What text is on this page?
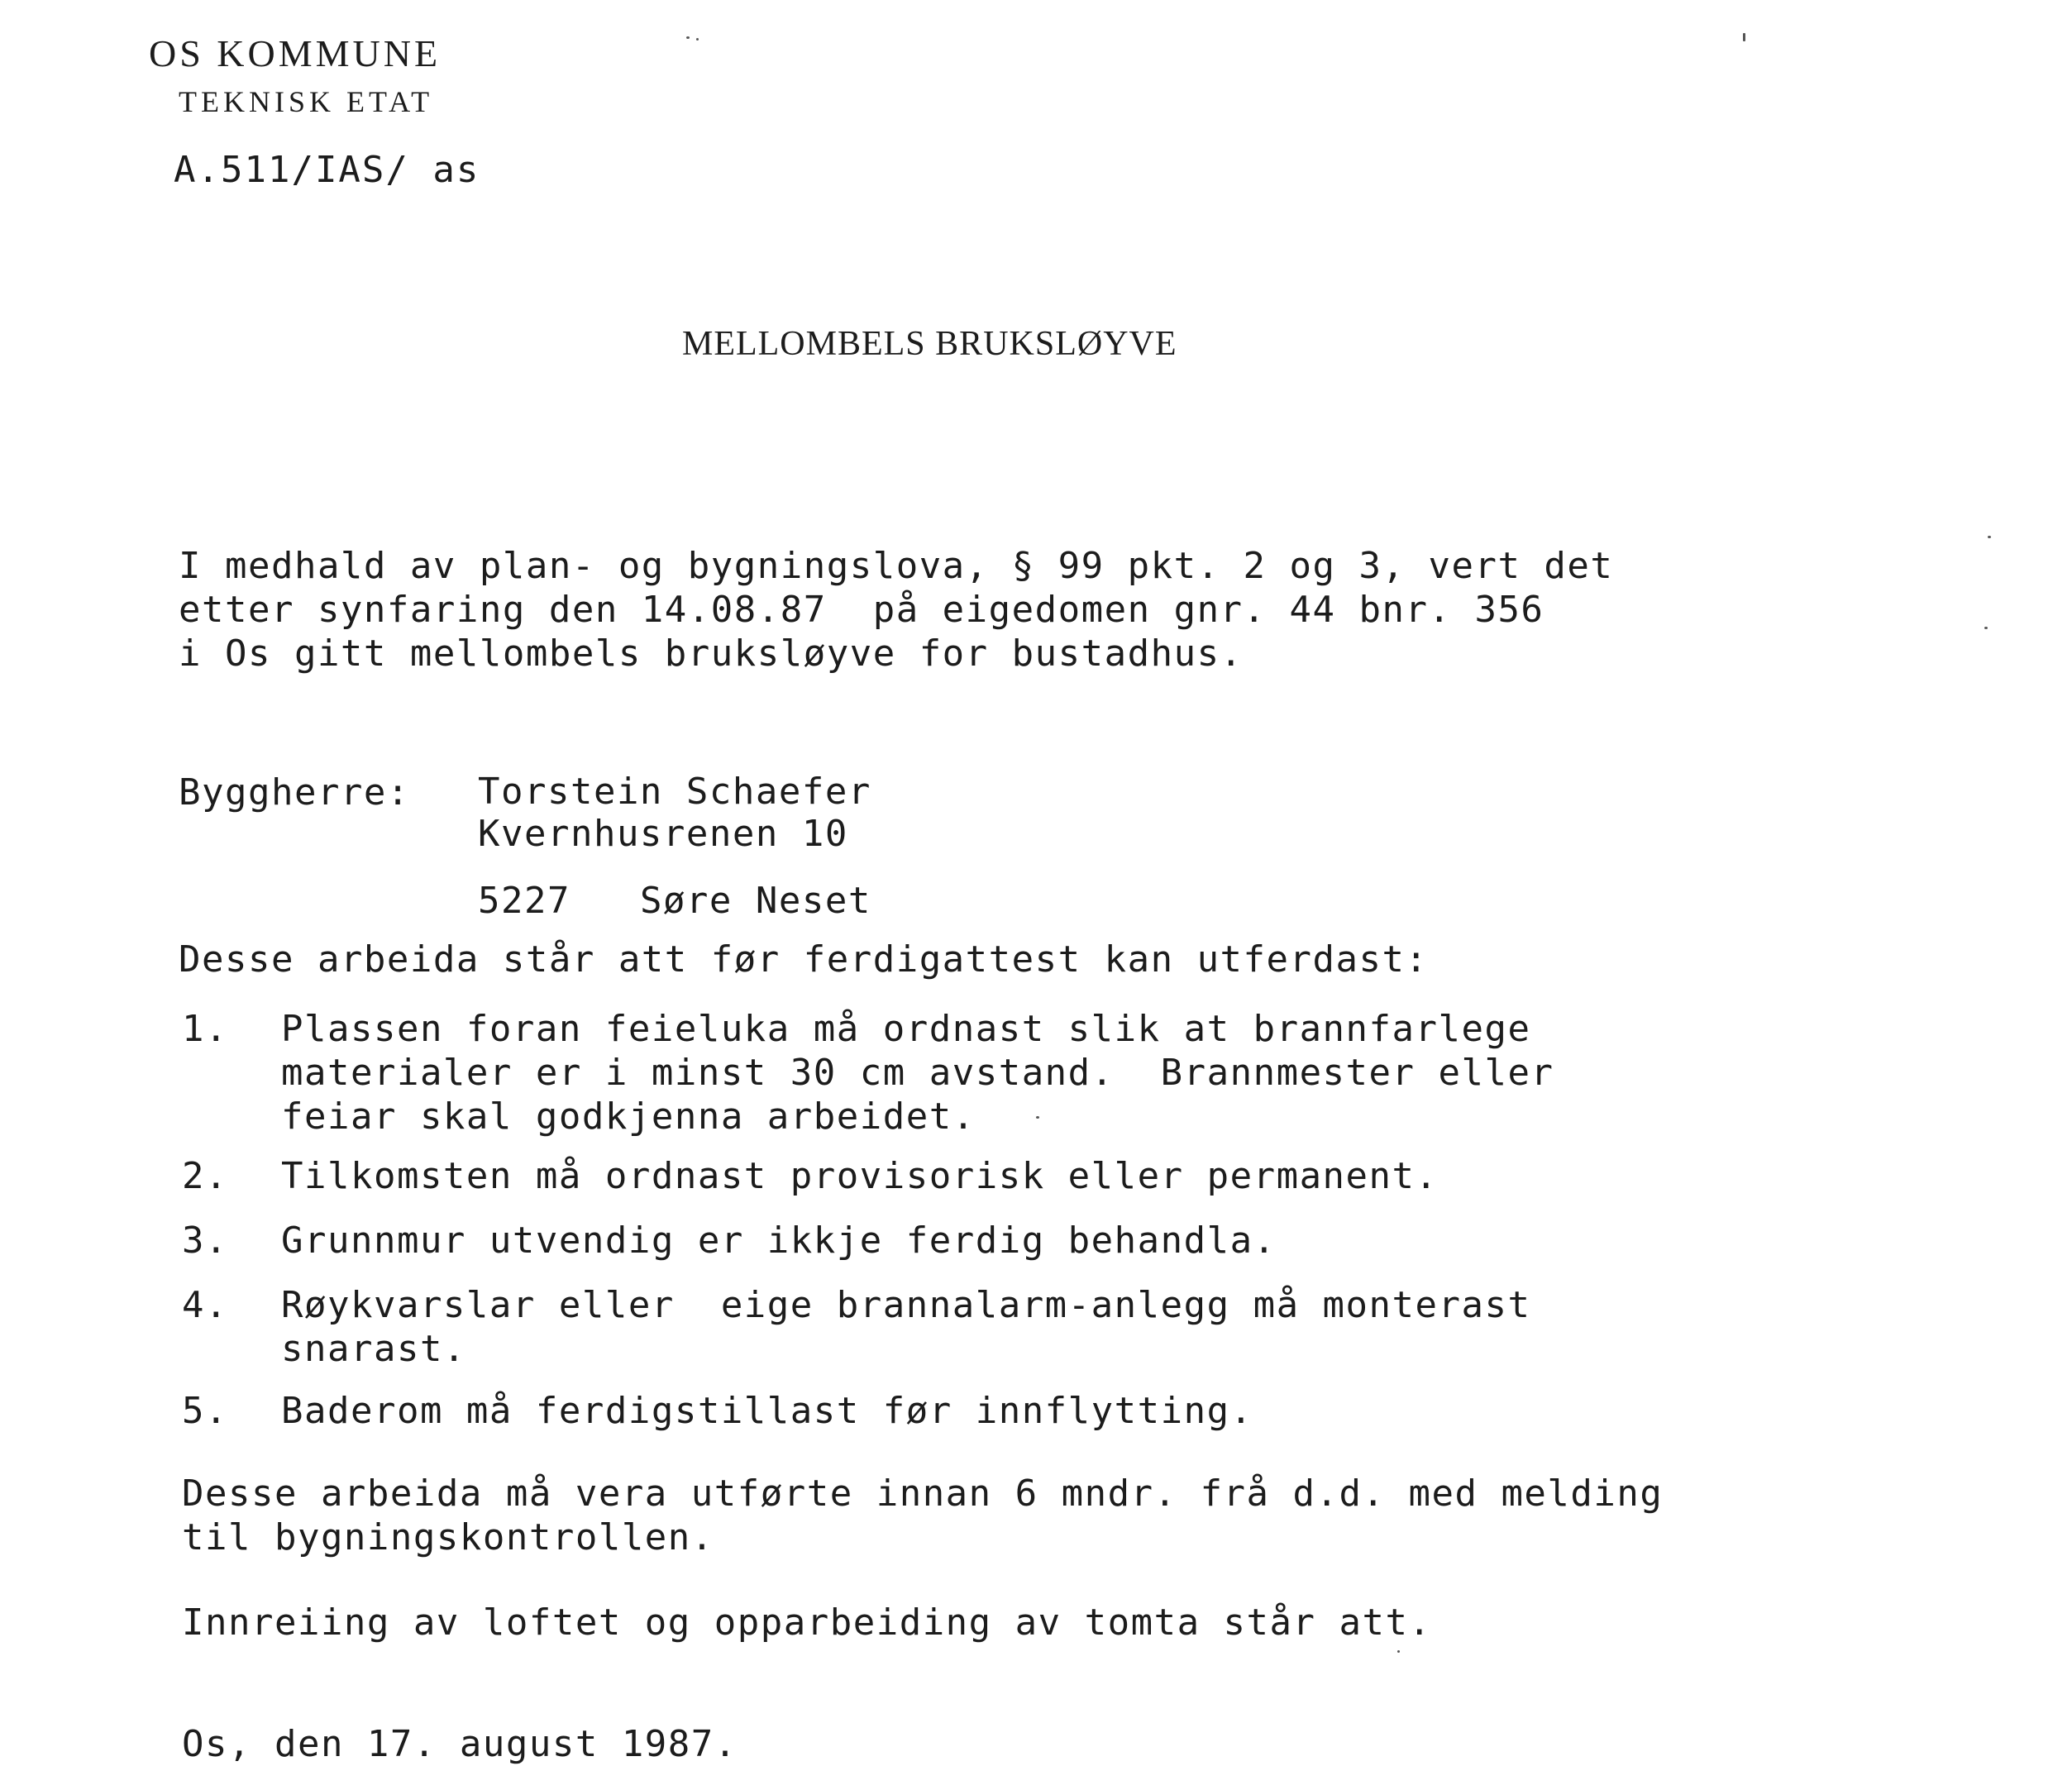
OS KOMMUNE
TEKNISK ETAT
A.511/IAS/ as
MELLOMBELS BRUKSLØYVE
I medhald av plan- og bygningslova, § 99 pkt. 2 og 3, vert det
etter synfaring den 14.08.87  på eigedomen gnr. 44 bnr. 356
i Os gitt mellombels bruksløyve for bustadhus.
Byggherre: Torstein Schaefer
Kvernhusrenen 10
5227 Søre Neset
Desse arbeida står att før ferdigattest kan utferdast:
1. Plassen foran feieluka må ordnast slik at brannfarlege
materialer er i minst 30 cm avstand.  Brannmester eller
feiar skal godkjenna arbeidet.
2. Tilkomsten må ordnast provisorisk eller permanent.
3. Grunnmur utvendig er ikkje ferdig behandla.
4. Røykvarslar eller  eige brannalarm-anlegg må monterast
snarast.
5. Baderom må ferdigstillast før innflytting.
Desse arbeida må vera utførte innan 6 mndr. frå d.d. med melding
til bygningskontrollen.
Innreiing av loftet og opparbeiding av tomta står att.
Os, den 17. august 1987.
